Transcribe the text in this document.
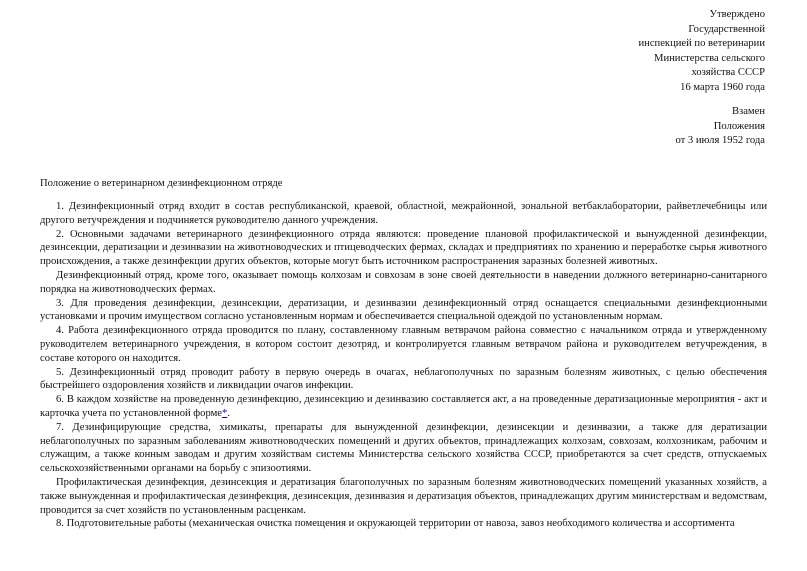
Утверждено
Государственной
инспекцией по ветеринарии
Министерства сельского
хозяйства СССР
16 марта 1960 года
Взамен
Положения
от 3 июля 1952 года
Положение о ветеринарном дезинфекционном отряде

1. Дезинфекционный отряд входит в состав республиканской, краевой, областной, межрайонной, зональной ветбаклаборатории, райветлечебницы или другого ветучреждения и подчиняется руководителю данного учреждения.

2. Основными задачами ветеринарного дезинфекционного отряда являются: проведение плановой профилактической и вынужденной дезинфекции, дезинсекции, дератизации и дезинвазии на животноводческих и птицеводческих фермах, складах и предприятиях по хранению и переработке сырья животного происхождения, а также дезинфекции других объектов, которые могут быть источником распространения заразных болезней животных.

Дезинфекционный отряд, кроме того, оказывает помощь колхозам и совхозам в зоне своей деятельности в наведении должного ветеринарно-санитарного порядка на животноводческих фермах.

3. Для проведения дезинфекции, дезинсекции, дератизации, и дезинвазии дезинфекционный отряд оснащается специальными дезинфекционными установками и прочим имуществом согласно установленным нормам и обеспечивается специальной одеждой по установленным нормам.

4. Работа дезинфекционного отряда проводится по плану, составленному главным ветврачом района совместно с начальником отряда и утвержденному руководителем ветеринарного учреждения, в котором состоит дезотряд, и контролируется главным ветврачом района и руководителем ветучреждения, в составе которого он находится.

5. Дезинфекционный отряд проводит работу в первую очередь в очагах, неблагополучных по заразным болезням животных, с целью обеспечения быстрейшего оздоровления хозяйств и ликвидации очагов инфекции.

6. В каждом хозяйстве на проведенную дезинфекцию, дезинсекцию и дезинвазию составляется акт, а на проведенные дератизационные мероприятия - акт и карточка учета по установленной форме*.

7. Дезинфицирующие средства, химикаты, препараты для вынужденной дезинфекции, дезинсекции и дезинвазии, а также для дератизации неблагополучных по заразным заболеваниям животноводческих помещений и других объектов, принадлежащих колхозам, совхозам, колхозникам, рабочим и служащим, а также конным заводам и другим хозяйствам системы Министерства сельского хозяйства СССР, приобретаются за счет средств, отпускаемых сельскохозяйственными органами на борьбу с эпизоотиями.

Профилактическая дезинфекция, дезинсекция и дератизация благополучных по заразным болезням животноводческих помещений указанных хозяйств, а также вынужденная и профилактическая дезинфекция, дезинсекция, дезинвазия и дератизация объектов, принадлежащих другим министерствам и ведомствам, проводится за счет хозяйств по установленным расценкам.

8. Подготовительные работы (механическая очистка помещения и окружающей территории от навоза, завоз необходимого количества и ассортимента
